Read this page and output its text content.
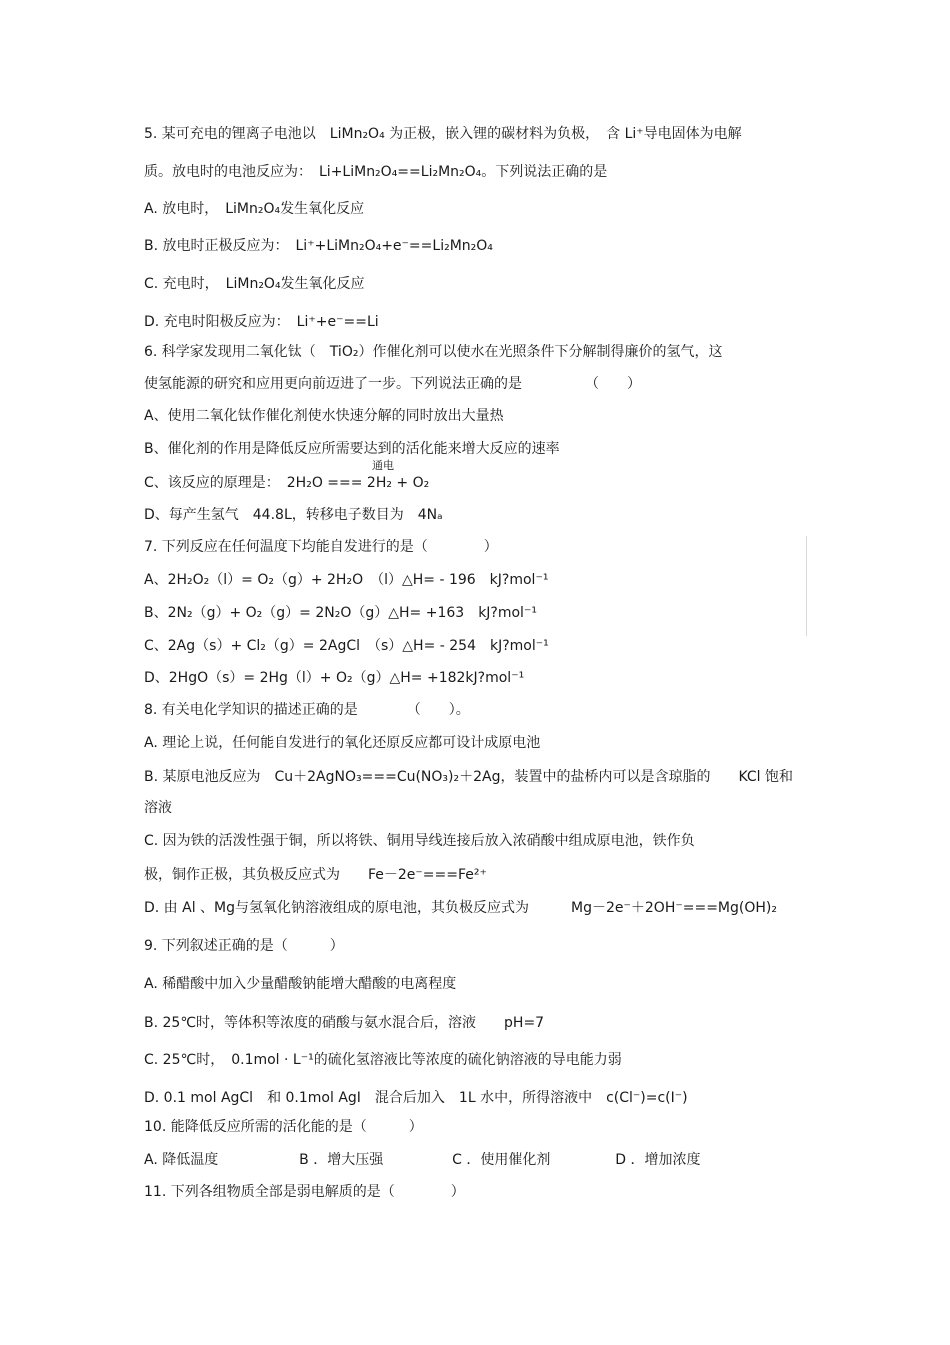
5. 某可充电的锂离子电池以　LiMn₂O₄ 为正极，嵌入锂的碳材料为负极，　含 Li⁺导电固体为电解
质。放电时的电池反应为：　Li+LiMn₂O₄==Li₂Mn₂O₄。下列说法正确的是
A. 放电时，　LiMn₂O₄发生氧化反应
B. 放电时正极反应为：　Li⁺+LiMn₂O₄+e⁻==Li₂Mn₂O₄
C. 充电时，　LiMn₂O₄发生氧化反应
D. 充电时阳极反应为：　Li⁺+e⁻==Li
6. 科学家发现用二氧化钛（　TiO₂）作催化剂可以使水在光照条件下分解制得廉价的氢气，这
使氢能源的研究和应用更向前迈进了一步。下列说法正确的是　　　　　（　　）
A、使用二氧化钛作催化剂使水快速分解的同时放出大量热
B、催化剂的作用是降低反应所需要达到的活化能来增大反应的速率
通电
C、该反应的原理是：　2H₂O === 2H₂ + O₂
D、每产生氢气　44.8L，转移电子数目为　4Nₐ
7. 下列反应在任何温度下均能自发进行的是（　　　　）
A、2H₂O₂（l）= O₂（g）+ 2H₂O　（l）△H= - 196　kJ?mol⁻¹
B、2N₂（g）+ O₂（g）= 2N₂O（g）△H= +163　kJ?mol⁻¹
C、2Ag（s）+ Cl₂（g）= 2AgCl　（s）△H= - 254　kJ?mol⁻¹
D、2HgO（s）= 2Hg（l）+ O₂（g）△H= +182kJ?mol⁻¹
8. 有关电化学知识的描述正确的是　　　　（　　）。
A. 理论上说，任何能自发进行的氧化还原反应都可设计成原电池
B. 某原电池反应为　Cu＋2AgNO₃===Cu(NO₃)₂＋2Ag，装置中的盐桥内可以是含琼脂的　　KCl 饱和
溶液
C. 因为铁的活泼性强于铜，所以将铁、铜用导线连接后放入浓硝酸中组成原电池，铁作负
极，铜作正极，其负极反应式为　　Fe－2e⁻===Fe²⁺
D. 由 Al 、Mg与氢氧化钠溶液组成的原电池，其负极反应式为　　　Mg－2e⁻＋2OH⁻===Mg(OH)₂
9. 下列叙述正确的是（　　　）
A. 稀醋酸中加入少量醋酸钠能增大醋酸的电离程度
B. 25℃时，等体积等浓度的硝酸与氨水混合后，溶液　　pH=7
C. 25℃时，　0.1mol · L⁻¹的硫化氢溶液比等浓度的硫化钠溶液的导电能力弱
D. 0.1 mol AgCl　和 0.1mol AgI　混合后加入　1L 水中，所得溶液中　c(Cl⁻)=c(I⁻)
10. 能降低反应所需的活化能的是（　　　）
A. 降低温度	B ．增大压强	C ．使用催化剂	D ．增加浓度
11. 下列各组物质全部是弱电解质的是（　　　　）
